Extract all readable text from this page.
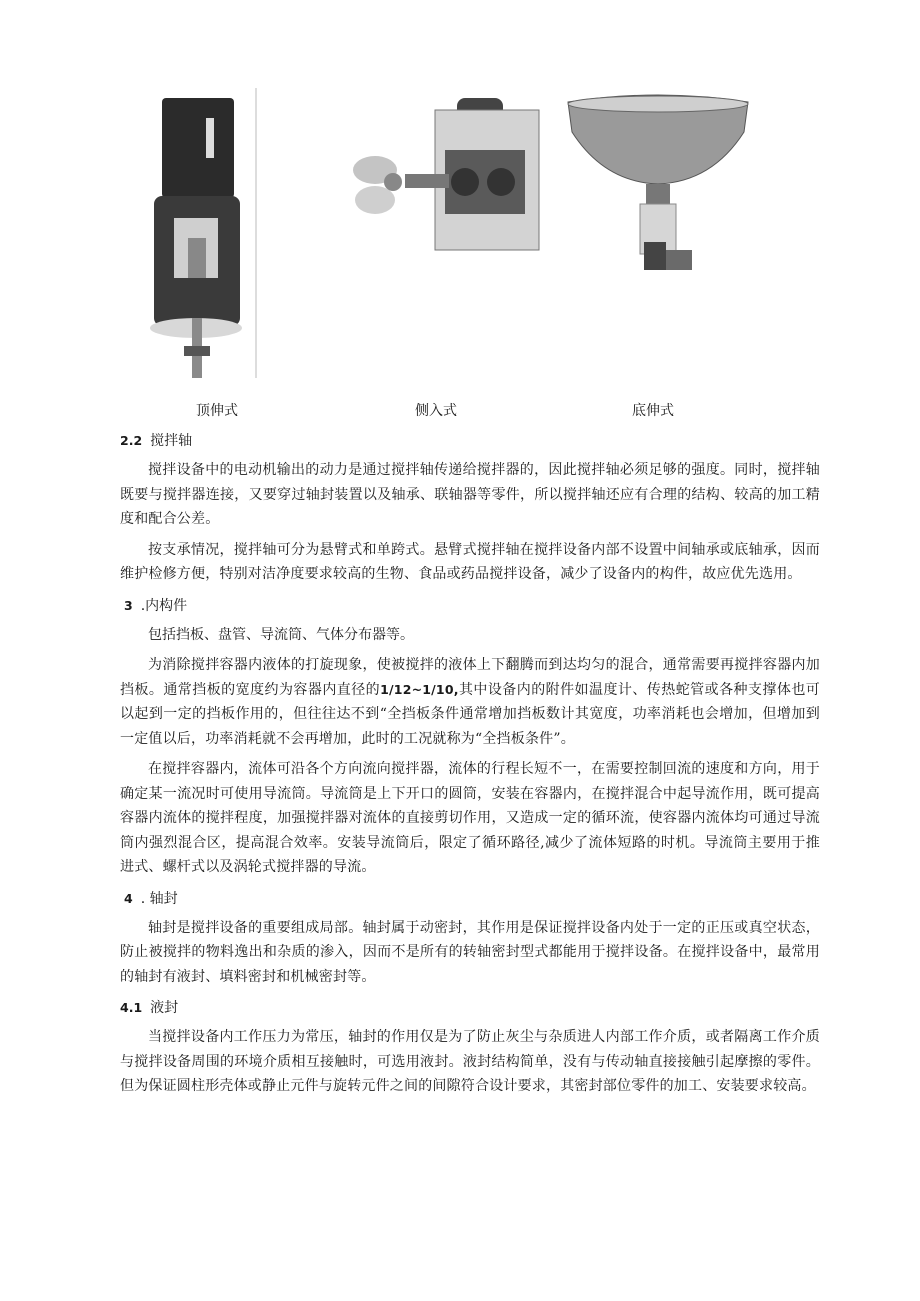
顶伸式	侧入式	底伸式
2.2 搅拌轴

搅拌设备中的电动机输出的动力是通过搅拌轴传递给搅拌器的，因此搅拌轴必须足够的强度。同时，搅拌轴既要与搅拌器连接，又要穿过轴封装置以及轴承、联轴器等零件，所以搅拌轴还应有合理的结构、较高的加工精度和配合公差。

按支承情况，搅拌轴可分为悬臂式和单跨式。悬臂式搅拌轴在搅拌设备内部不设置中间轴承或底轴承，因而维护检修方便，特别对洁净度要求较高的生物、食品或药品搅拌设备，减少了设备内的构件，故应优先选用。

3 .内构件

包括挡板、盘管、导流筒、气体分布器等。

为消除搅拌容器内液体的打旋现象，使被搅拌的液体上下翻腾而到达均匀的混合，通常需要再搅拌容器内加挡板。通常挡板的宽度约为容器内直径的1/12~1/10,其中设备内的附件如温度计、传热蛇管或各种支撑体也可以起到一定的挡板作用的，但往往达不到“全挡板条件通常增加挡板数计其宽度，功率消耗也会增加，但增加到一定值以后，功率消耗就不会再增加，此时的工况就称为“全挡板条件”。

在搅拌容器内，流体可沿各个方向流向搅拌器，流体的行程长短不一，在需要控制回流的速度和方向，用于确定某一流况时可使用导流筒。导流筒是上下开口的圆筒，安装在容器内，在搅拌混合中起导流作用，既可提高容器内流体的搅拌程度，加强搅拌器对流体的直接剪切作用，又造成一定的循环流，使容器内流体均可通过导流筒内强烈混合区，提高混合效率。安装导流筒后，限定了循环路径,减少了流体短路的时机。导流筒主要用于推进式、螺杆式以及涡轮式搅拌器的导流。

4 . 轴封

轴封是搅拌设备的重要组成局部。轴封属于动密封，其作用是保证搅拌设备内处于一定的正压或真空状态，防止被搅拌的物料逸出和杂质的渗入，因而不是所有的转轴密封型式都能用于搅拌设备。在搅拌设备中，最常用的轴封有液封、填料密封和机械密封等。

4.1 液封

当搅拌设备内工作压力为常压，轴封的作用仅是为了防止灰尘与杂质进人内部工作介质，或者隔离工作介质与搅拌设备周围的环境介质相互接触时，可选用液封。液封结构简单，没有与传动轴直接接触引起摩擦的零件。但为保证圆柱形壳体或静止元件与旋转元件之间的间隙符合设计要求，其密封部位零件的加工、安装要求较高。
